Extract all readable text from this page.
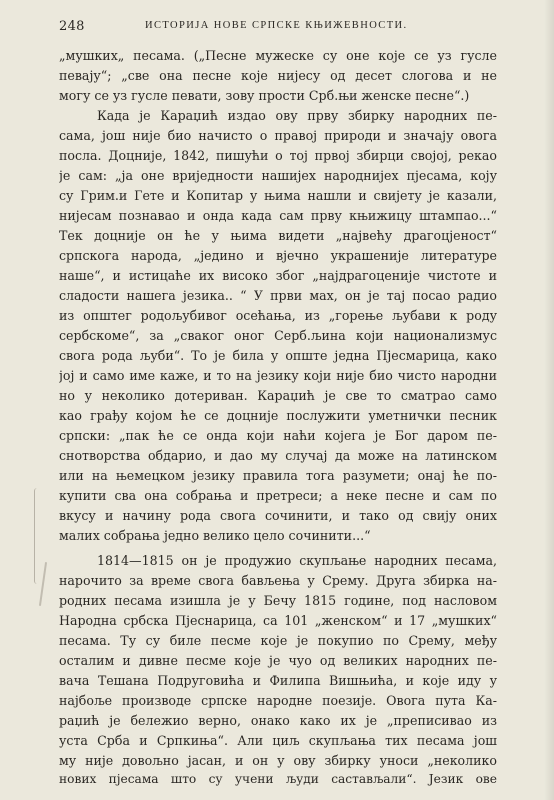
248	ИСТОРИЈА НОВЕ СРПСКЕ КЊИЖЕВНОСТИ.
„мушких„ песама. („Песне мужеске су оне које се уз гусле
певају“; „све она песне које нијесу од десет слогова и не
могу се уз гусле певати, зову прости Срб.њи женске песне“.)
Када је Караџић издао ову прву збирку народних пе-
сама, још није био начисто о правој природи и значају овога
посла. Доцније, 1842, пишући о тој првој збирци својој, рекао
је сам: „ја оне вриједности нашијех народнијех пјесама, коју
су Грим.и Гете и Копитар у њима нашли и свијету је казали,
нијесам познавао и онда када сам прву књижицу штампао...“
Тек доцније он ће у њима видети „највећу драгоцјеност“
српскога народа, „једино и вјечно украшеније литературе
наше“, и истицаће их високо због „најдрагоценије чистоте и
сладости нашега језика.. “ У први мах, он је тај посао радио
из општег родољубивог осећања, из „горење љубави к роду
сербскоме“, за „сваког оног Серб.љина који национализмус
свога рода љуби“. То је била у опште једна Пјесмарица, како
јој и само име каже, и то на језику који није био чисто народни
но у неколико дотериван. Караџић је све то сматрао само
као грађу којом ће се доцније послужити уметнички песник
српски: „пак ће се онда који наћи којега је Бог даром пе-
снотворства обдарио, и дао му случај да може на латинском
или на њемецком језику правила тога разумети; онај ће по-
купити сва она собрања и претреси; а неке песне и сам по
вкусу и начину рода свога сочинити, и тако од свију оних
малих собрања једно велико цело сочинити...“
1814—1815 он је продужио скупљање народних песама,
нарочито за време свога бављења у Срему. Друга збирка на-
родних песама изишла је у Бечу 1815 године, под насловом
Народна србска Пјеснарица, са 101 „женском“ и 17 „мушких“
песама. Ту су биле песме које је покупио по Срему, међу
осталим и дивне песме које је чуо од великих народних пе-
вача Тешана Подруговића и Филипа Вишњића, и које иду у
најбоље производе српске народне поезије. Овога пута Ка-
раџић је бележио верно, онако како их је „преписивао из
уста Срба и Српкиња“. Али циљ скупљања тих песама још
му није довољно јасан, и он у ову збирку уноси „неколико
нових пјесама што су учени људи састављали“. Језик ове
